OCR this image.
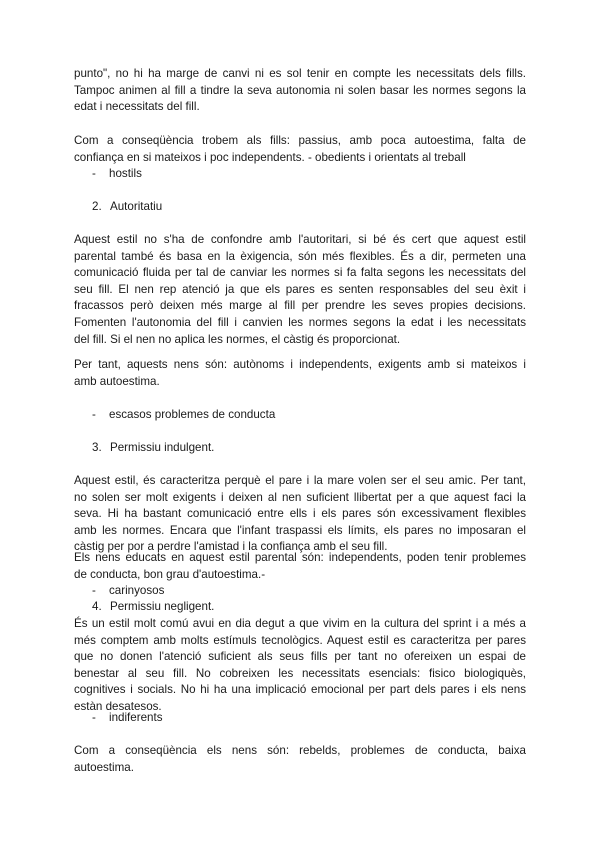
punto", no hi ha marge de canvi ni es sol tenir en compte les necessitats dels fills.
Tampoc animen al fill a tindre la seva autonomia ni solen basar les normes segons la
edat i necessitats del fill.

Com a conseqüència trobem als fills: passius, amb poca autoestima, falta de
confiança en si mateixos i poc independents. - obedients i orientats al treball

- hostils
2. Autoritatiu

Aquest estil no s'ha de confondre amb l'autoritari, si bé és cert que aquest estil
parental també és basa en la èxigencia, són més flexibles. És a dir, permeten una
comunicació fluida per tal de canviar les normes si fa falta segons les necessitats del
seu fill. El nen rep atenció ja que els pares es senten responsables del seu èxit i
fracassos però deixen més marge al fill per prendre les seves propies decisions.
Fomenten l'autonomia del fill i canvien les normes segons la edat i les necessitats
del fill. Si el nen no aplica les normes, el càstig és proporcionat.

Per tant, aquests nens són: autònoms i independents, exigents amb si mateixos i
amb autoestima.

- escasos problemes de conducta
3. Permissiu indulgent.

Aquest estil, és caracteritza perquè el pare i la mare volen ser el seu amic. Per tant,
no solen ser molt exigents i deixen al nen suficient llibertat per a que aquest faci la
seva. Hi ha bastant comunicació entre ells i els pares són excessivament flexibles
amb les normes. Encara que l'infant traspassi els límits, els pares no imposaran el
càstig per por a perdre l'amistad i la confiança amb el seu fill.

Els nens educats en aquest estil parental són: independents, poden tenir problemes
de conducta, bon grau d'autoestima.-

- carinyosos
4. Permissiu negligent.

És un estil molt comú avui en dia degut a que vivim en la cultura del sprint i a més a
més comptem amb molts estímuls tecnològics. Aquest estil es caracteritza per pares
que no donen l'atenció suficient als seus fills per tant no ofereixen un espai de
benestar al seu fill. No cobreixen les necessitats esencials: fisico biologiquès,
cognitives i socials. No hi ha una implicació emocional per part dels pares i els nens
estàn desatesos.

- indiferents

Com a conseqüència els nens són: rebelds, problemes de conducta, baixa
autoestima.
